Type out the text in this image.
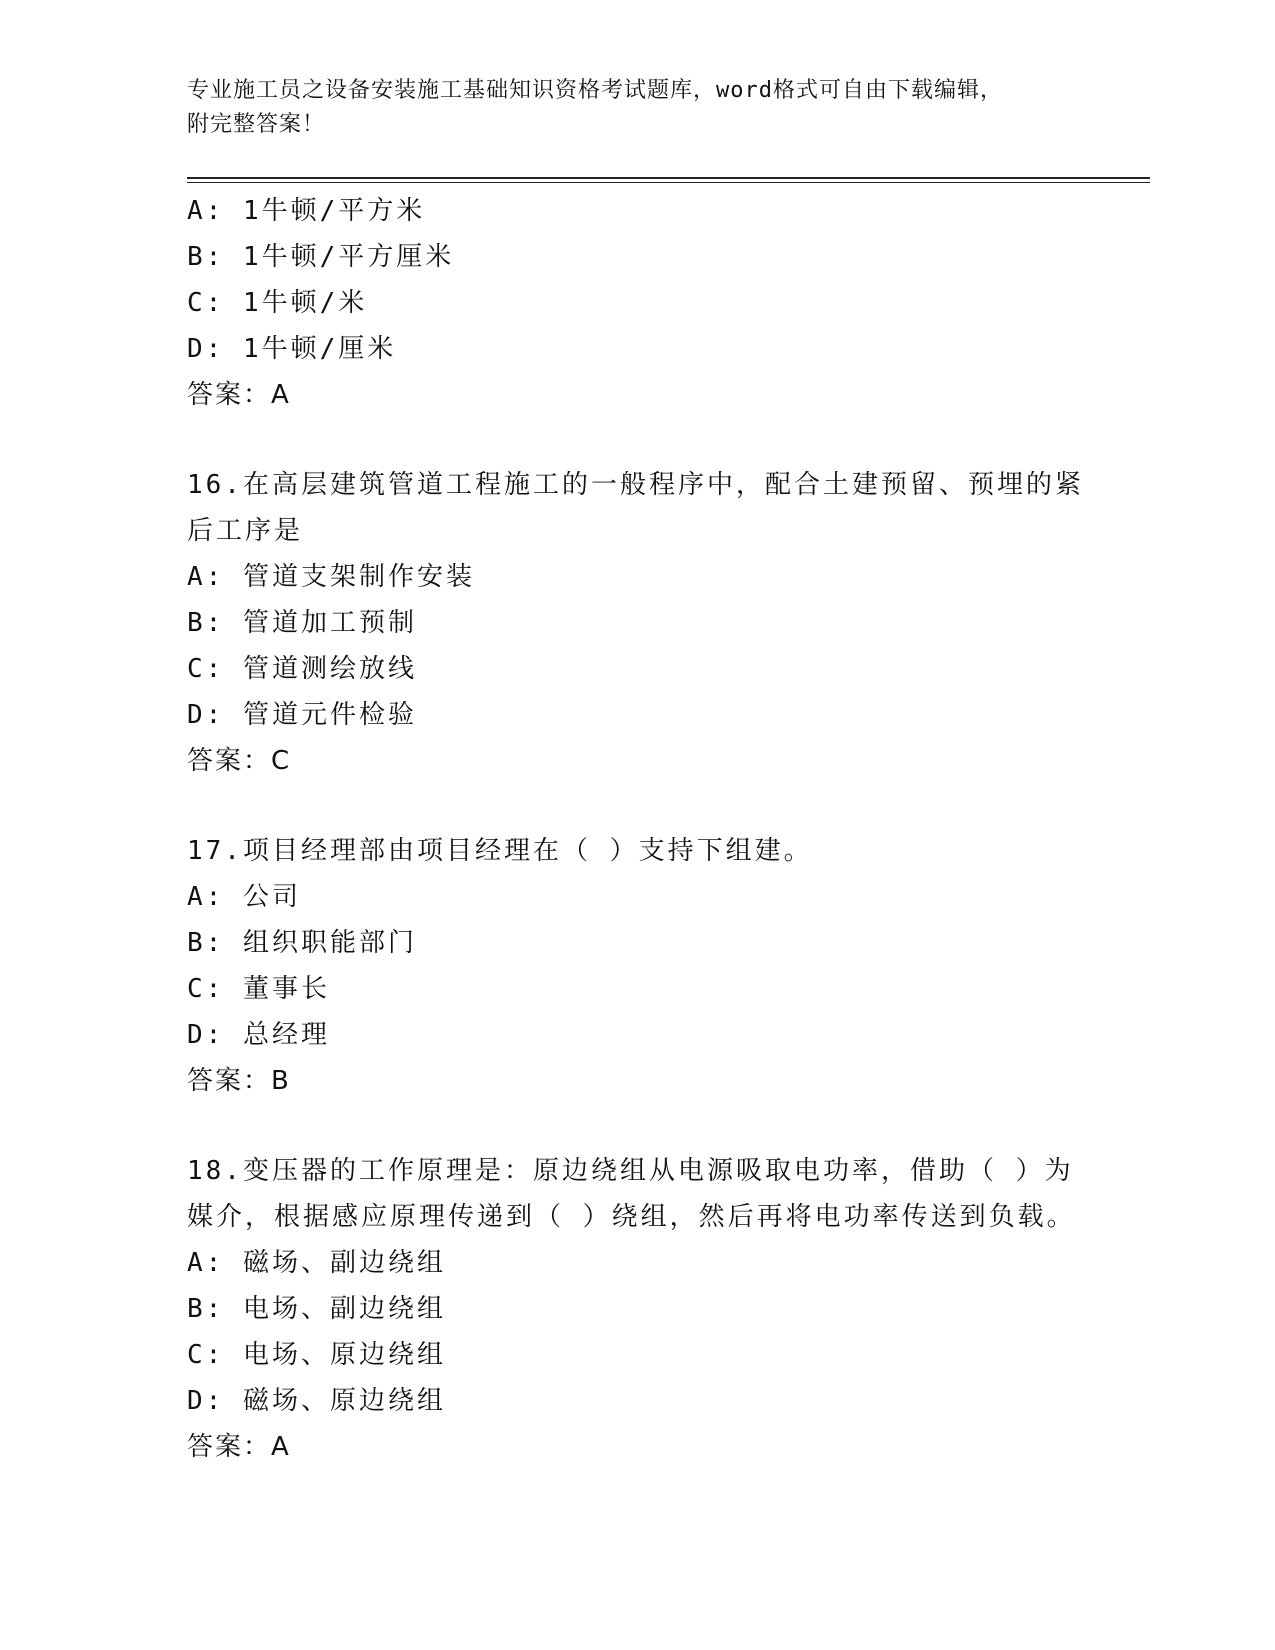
专业施工员之设备安装施工基础知识资格考试题库，word格式可自由下载编辑，
附完整答案！
A: 1牛顿/平方米
B: 1牛顿/平方厘米
C: 1牛顿/米
D: 1牛顿/厘米
答案：A
16.在高层建筑管道工程施工的一般程序中，配合土建预留、预埋的紧
后工序是
A: 管道支架制作安装
B: 管道加工预制
C: 管道测绘放线
D: 管道元件检验
答案：C
17.项目经理部由项目经理在（ ）支持下组建。
A: 公司
B: 组织职能部门
C: 董事长
D: 总经理
答案：B
18.变压器的工作原理是：原边绕组从电源吸取电功率，借助（ ）为
媒介，根据感应原理传递到（ ）绕组，然后再将电功率传送到负载。
A: 磁场、副边绕组
B: 电场、副边绕组
C: 电场、原边绕组
D: 磁场、原边绕组
答案：A
